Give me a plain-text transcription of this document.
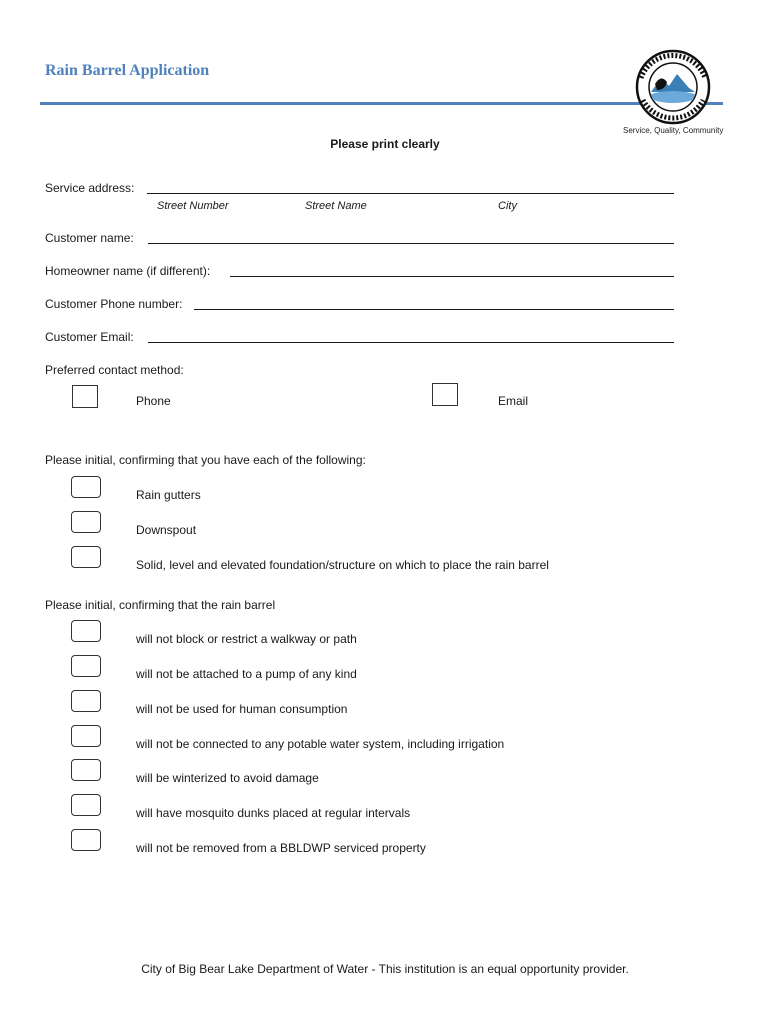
Rain Barrel Application
Service, Quality, Community
Please print clearly
Service address:
Street Number	Street Name	City
Customer name:
Homeowner name (if different):
Customer Phone number:
Customer Email:
Preferred contact method:
Phone	Email
Please initial, confirming that you have each of the following:
Rain gutters
Downspout
Solid, level and elevated foundation/structure on which to place the rain barrel
Please initial, confirming that the rain barrel
will not block or restrict a walkway or path
will not be attached to a pump of any kind
will not be used for human consumption
will not be connected to any potable water system, including irrigation
will be winterized to avoid damage
will have mosquito dunks placed at regular intervals
will not be removed from a BBLDWP serviced property
City of Big Bear Lake Department of Water - This institution is an equal opportunity provider.
